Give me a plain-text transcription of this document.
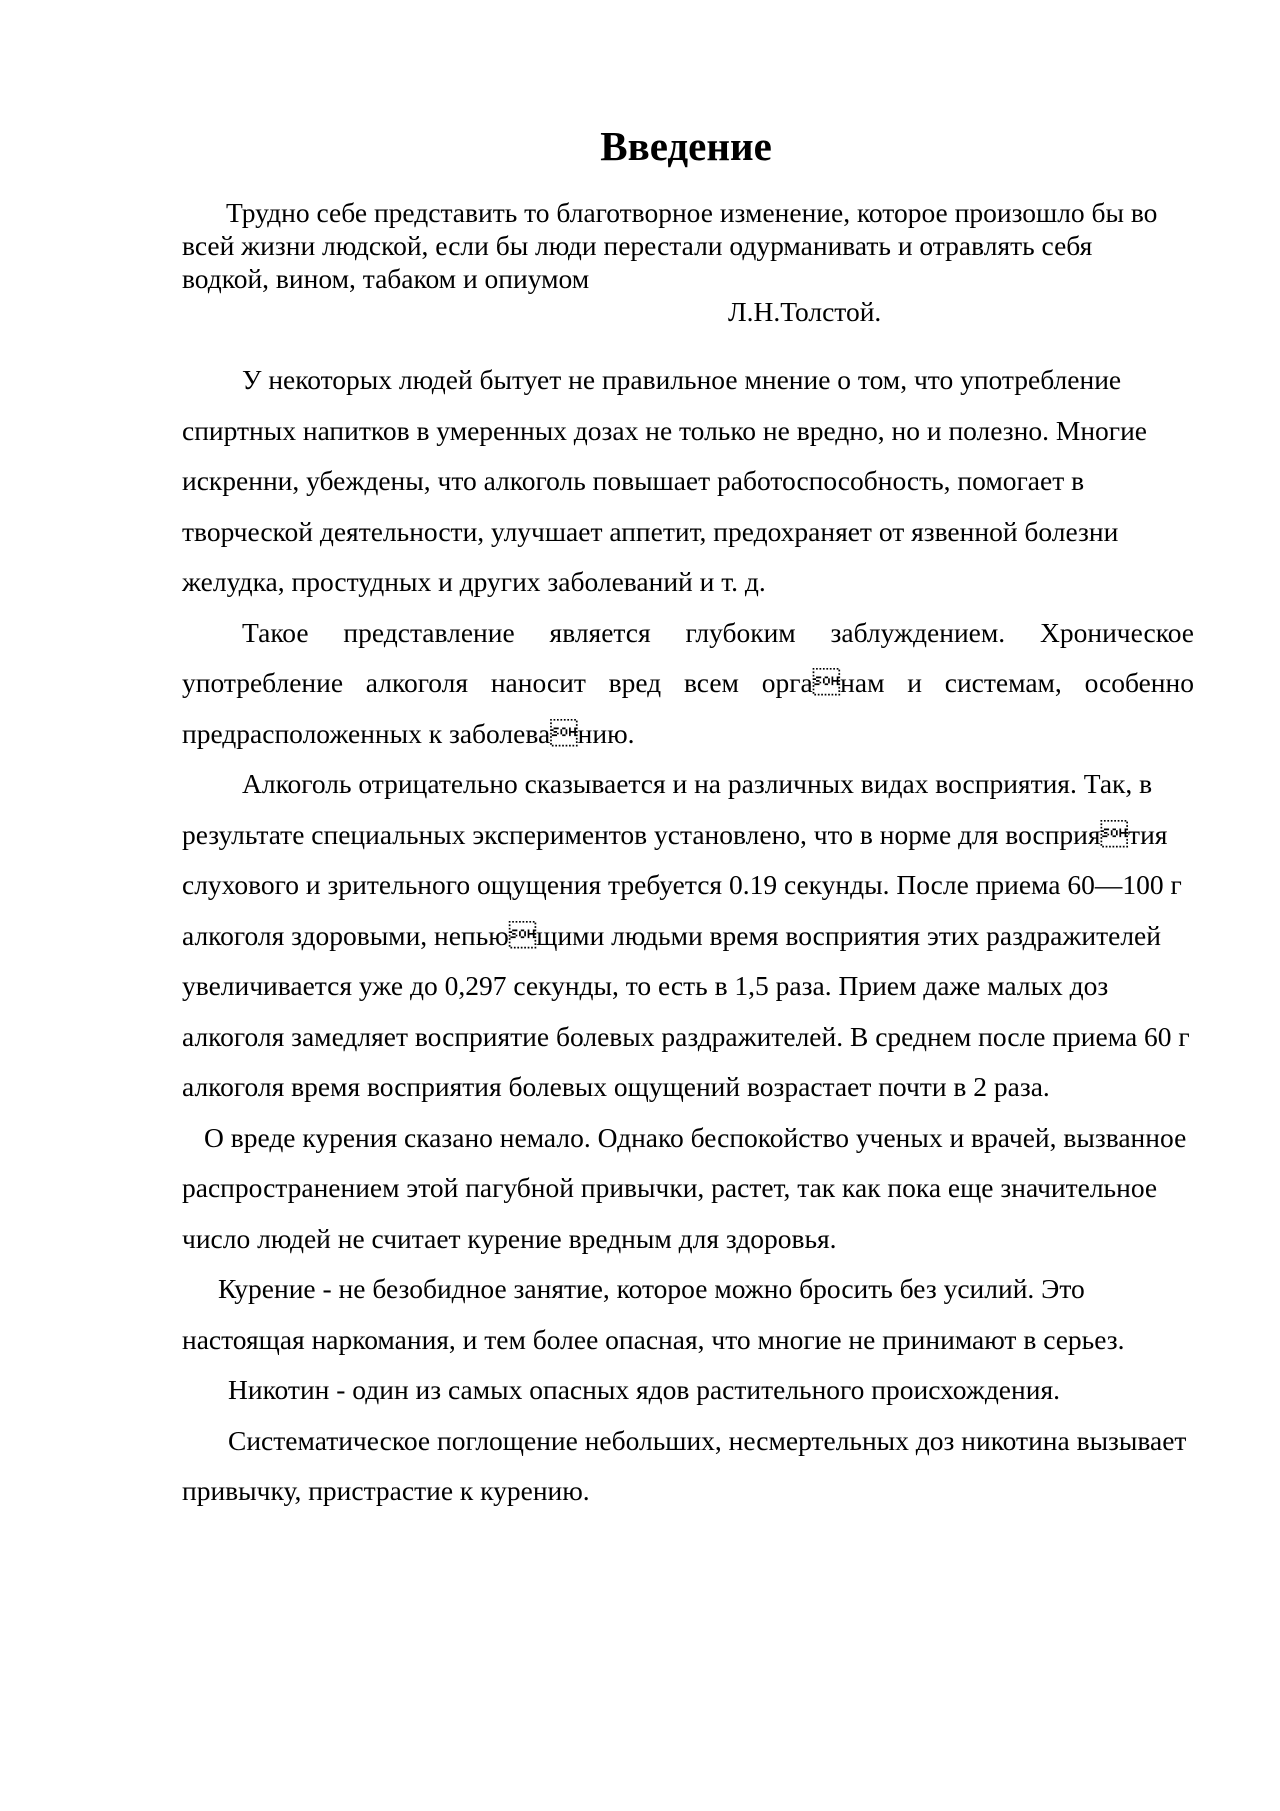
Введение

Трудно себе представить то благотворное изменение, которое произошло бы во всей жизни людской, если бы люди перестали одурманивать и отравлять себя водкой, вином, табаком и опиумом

Л.Н.Толстой.

У некоторых людей бытует не правильное мнение о том, что употребление спиртных напитков в умеренных дозах не только не вредно, но и полезно. Многие искренни, убеждены, что алкоголь повышает работоспособность, помогает в творческой деятельности, улучшает аппетит, предохраняет от язвенной болезни желудка, простудных и других заболеваний и т. д.

Такое представление является глубоким заблуждением. Хроническое употребление алкоголя наносит вред всем органам и системам, особенно предрасположенных к заболеванию.

Алкоголь отрицательно сказывается и на различных видах восприятия. Так, в результате специальных экспериментов установлено, что в норме для восприятия слухового и зрительного ощущения требуется 0.19 секунды. После приема 60—100 г алкоголя здоровыми, непьющими людьми время восприятия этих раздражителей увеличивается уже до 0,297 секунды, то есть в 1,5 раза. Прием даже малых доз алкоголя замедляет восприятие болевых раздражителей. В среднем после приема 60 г алкоголя время восприятия болевых ощущений возрастает почти в 2 раза.

О вреде курения сказано немало. Однако беспокойство ученых и врачей, вызванное распространением этой пагубной привычки, растет, так как пока еще значительное число людей не считает курение вредным для здоровья.

Курение - не безобидное занятие, которое можно бросить без усилий. Это настоящая наркомания, и тем более опасная, что многие не принимают в серьез.

Никотин - один из самых опасных ядов растительного происхождения.

Систематическое поглощение небольших, несмертельных доз никотина вызывает привычку, пристрастие к курению.
